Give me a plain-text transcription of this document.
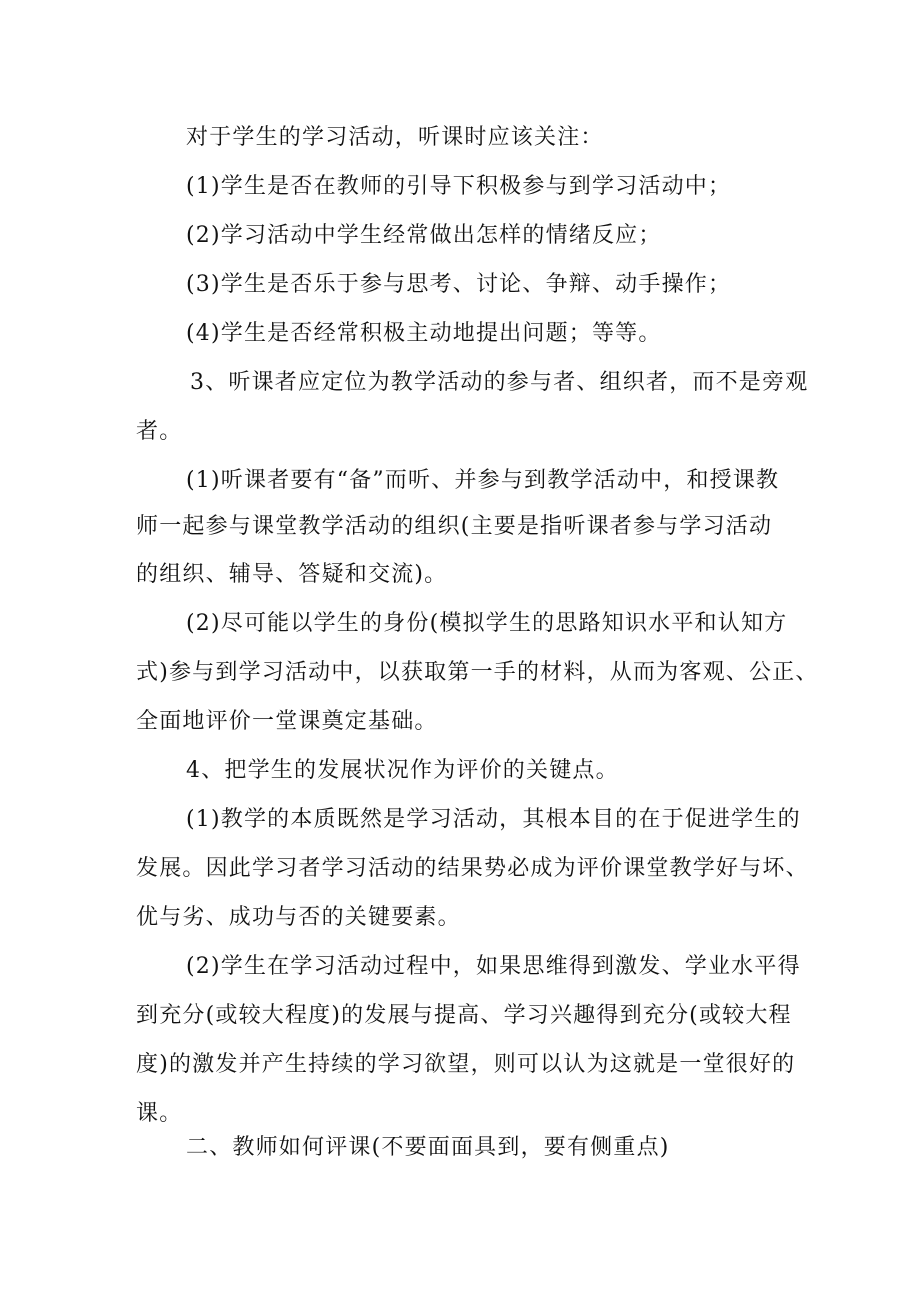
对于学生的学习活动，听课时应该关注：
(1)学生是否在教师的引导下积极参与到学习活动中；
(2)学习活动中学生经常做出怎样的情绪反应；
(3)学生是否乐于参与思考、讨论、争辩、动手操作；
(4)学生是否经常积极主动地提出问题；等等。
3、听课者应定位为教学活动的参与者、组织者，而不是旁观
者。
(1)听课者要有“备”而听、并参与到教学活动中，和授课教
师一起参与课堂教学活动的组织(主要是指听课者参与学习活动
的组织、辅导、答疑和交流)。
(2)尽可能以学生的身份(模拟学生的思路知识水平和认知方
式)参与到学习活动中，以获取第一手的材料，从而为客观、公正、
全面地评价一堂课奠定基础。
4、把学生的发展状况作为评价的关键点。
(1)教学的本质既然是学习活动，其根本目的在于促进学生的
发展。因此学习者学习活动的结果势必成为评价课堂教学好与坏、
优与劣、成功与否的关键要素。
(2)学生在学习活动过程中，如果思维得到激发、学业水平得
到充分(或较大程度)的发展与提高、学习兴趣得到充分(或较大程
度)的激发并产生持续的学习欲望，则可以认为这就是一堂很好的
课。
二、教师如何评课(不要面面具到，要有侧重点)
